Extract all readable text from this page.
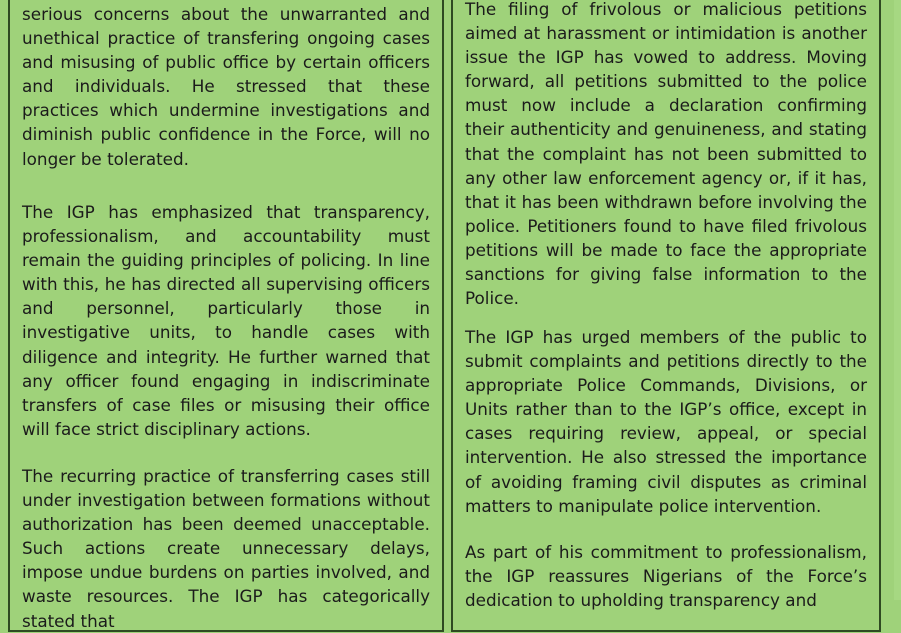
serious concerns about the unwarranted and unethical practice of transfering ongoing cases and misusing of public office by certain officers and individuals. He stressed that these practices which undermine investigations and diminish public confidence in the Force, will no longer be tolerated.
The IGP has emphasized that transparency, professionalism, and accountability must remain the guiding principles of policing. In line with this, he has directed all supervising officers and personnel, particularly those in investigative units, to handle cases with diligence and integrity. He further warned that any officer found engaging in indiscriminate transfers of case files or misusing their office will face strict disciplinary actions.
The recurring practice of transferring cases still under investigation between formations without authorization has been deemed unacceptable. Such actions create unnecessary delays, impose undue burdens on parties involved, and waste resources. The IGP has categorically stated that
The filing of frivolous or malicious petitions aimed at harassment or intimidation is another issue the IGP has vowed to address. Moving forward, all petitions submitted to the police must now include a declaration confirming their authenticity and genuineness, and stating that the complaint has not been submitted to any other law enforcement agency or, if it has, that it has been withdrawn before involving the police. Petitioners found to have filed frivolous petitions will be made to face the appropriate sanctions for giving false information to the Police.
The IGP has urged members of the public to submit complaints and petitions directly to the appropriate Police Commands, Divisions, or Units rather than to the IGP’s office, except in cases requiring review, appeal, or special intervention. He also stressed the importance of avoiding framing civil disputes as criminal matters to manipulate police intervention.
As part of his commitment to professionalism, the IGP reassures Nigerians of the Force’s dedication to upholding transparency and
